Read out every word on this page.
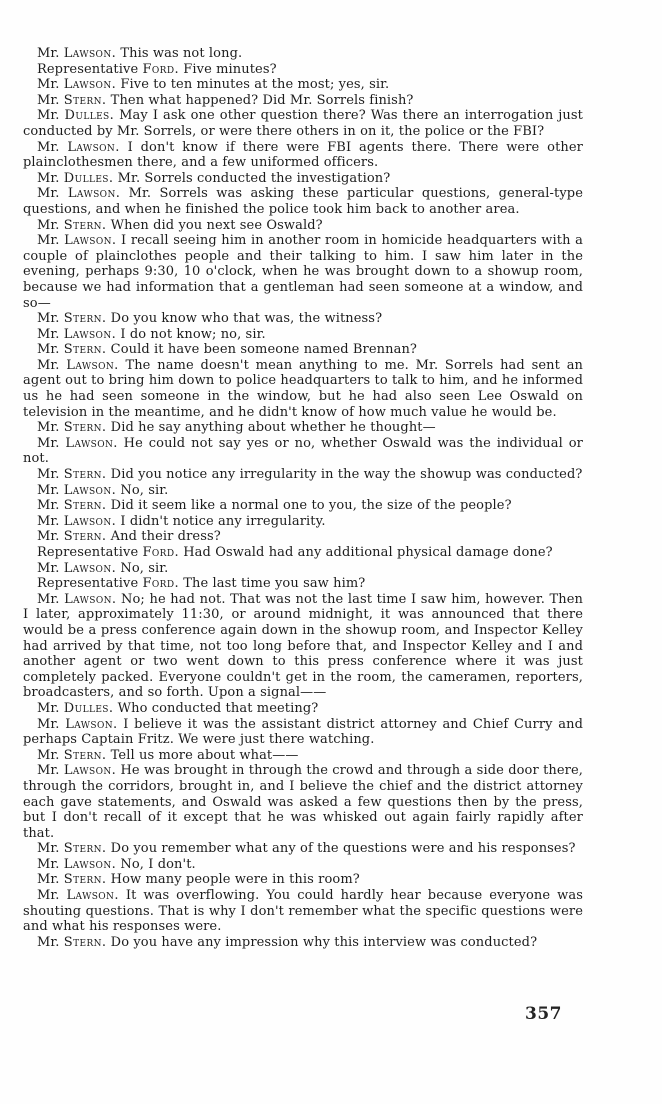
Mr. Lawson. This was not long.

Representative Ford. Five minutes?

Mr. Lawson. Five to ten minutes at the most; yes, sir.

Mr. Stern. Then what happened? Did Mr. Sorrels finish?

Mr. Dulles. May I ask one other question there? Was there an interrogation just conducted by Mr. Sorrels, or were there others in on it, the police or the FBI?

Mr. Lawson. I don't know if there were FBI agents there. There were other plainclothesmen there, and a few uniformed officers.

Mr. Dulles. Mr. Sorrels conducted the investigation?

Mr. Lawson. Mr. Sorrels was asking these particular questions, general-type questions, and when he finished the police took him back to another area.

Mr. Stern. When did you next see Oswald?

Mr. Lawson. I recall seeing him in another room in homicide headquarters with a couple of plainclothes people and their talking to him. I saw him later in the evening, perhaps 9:30, 10 o'clock, when he was brought down to a showup room, because we had information that a gentleman had seen someone at a window, and so—

Mr. Stern. Do you know who that was, the witness?

Mr. Lawson. I do not know; no, sir.

Mr. Stern. Could it have been someone named Brennan?

Mr. Lawson. The name doesn't mean anything to me. Mr. Sorrels had sent an agent out to bring him down to police headquarters to talk to him, and he informed us he had seen someone in the window, but he had also seen Lee Oswald on television in the meantime, and he didn't know of how much value he would be.

Mr. Stern. Did he say anything about whether he thought—

Mr. Lawson. He could not say yes or no, whether Oswald was the individual or not.

Mr. Stern. Did you notice any irregularity in the way the showup was conducted?

Mr. Lawson. No, sir.

Mr. Stern. Did it seem like a normal one to you, the size of the people?

Mr. Lawson. I didn't notice any irregularity.

Mr. Stern. And their dress?

Representative Ford. Had Oswald had any additional physical damage done?

Mr. Lawson. No, sir.

Representative Ford. The last time you saw him?

Mr. Lawson. No; he had not. That was not the last time I saw him, however. Then I later, approximately 11:30, or around midnight, it was announced that there would be a press conference again down in the showup room, and Inspector Kelley had arrived by that time, not too long before that, and Inspector Kelley and I and another agent or two went down to this press conference where it was just completely packed. Everyone couldn't get in the room, the cameramen, reporters, broadcasters, and so forth. Upon a signal——

Mr. Dulles. Who conducted that meeting?

Mr. Lawson. I believe it was the assistant district attorney and Chief Curry and perhaps Captain Fritz. We were just there watching.

Mr. Stern. Tell us more about what——

Mr. Lawson. He was brought in through the crowd and through a side door there, through the corridors, brought in, and I believe the chief and the district attorney each gave statements, and Oswald was asked a few questions then by the press, but I don't recall of it except that he was whisked out again fairly rapidly after that.

Mr. Stern. Do you remember what any of the questions were and his responses?

Mr. Lawson. No, I don't.

Mr. Stern. How many people were in this room?

Mr. Lawson. It was overflowing. You could hardly hear because everyone was shouting questions. That is why I don't remember what the specific questions were and what his responses were.

Mr. Stern. Do you have any impression why this interview was conducted?

357
